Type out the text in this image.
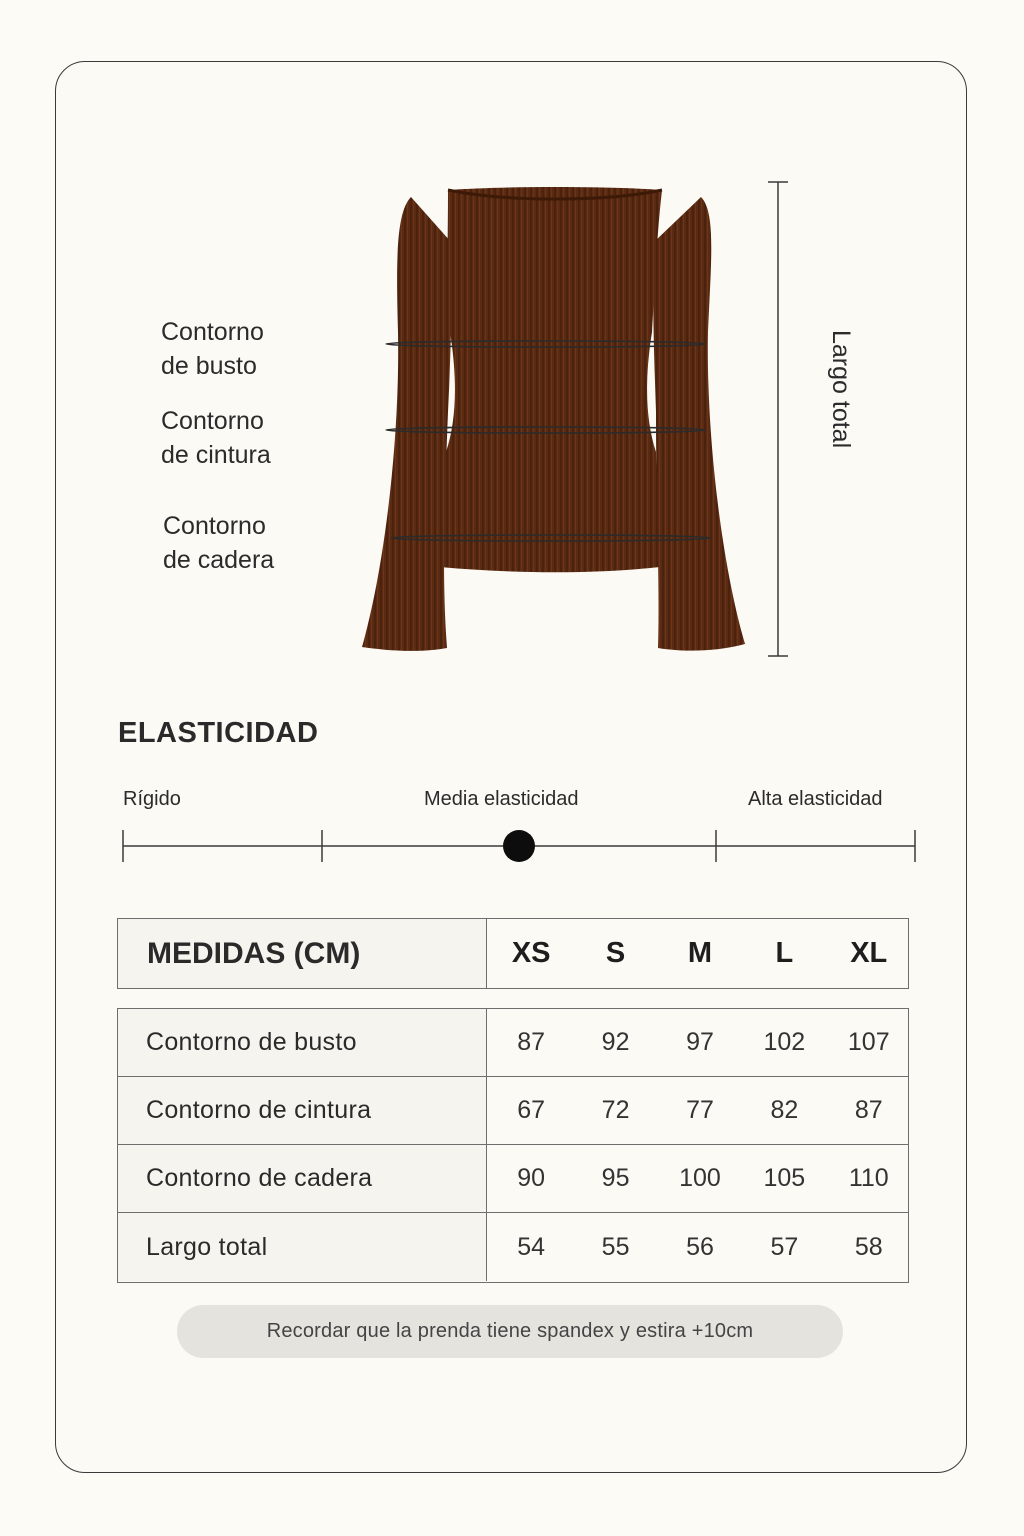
Contorno
de busto
Contorno
de cintura
Contorno
de cadera
Largo total
ELASTICIDAD
Rígido	Media elasticidad	Alta elasticidad
MEDIDAS (CM)	XS	S	M	L	XL
Contorno de busto	87	92	97	102	107
Contorno de cintura	67	72	77	82	87
Contorno de cadera	90	95	100	105	110
Largo total	54	55	56	57	58
Recordar que la prenda tiene spandex y estira +10cm
